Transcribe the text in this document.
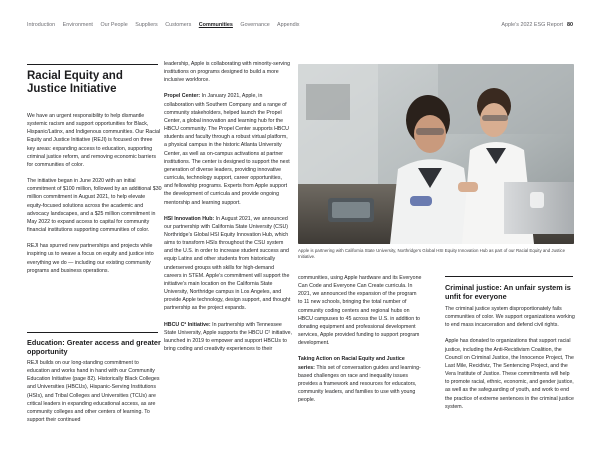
Introduction Environment Our People Suppliers Customers Communities Governance Appendix	Apple’s 2022 ESG Report 80
Racial Equity and Justice Initiative

We have an urgent responsibility to help dismantle systemic racism and support opportunities for Black, Hispanic/Latinx, and Indigenous communities. Our Racial Equity and Justice Initiative (REJI) is focused on three key areas: expanding access to education, supporting criminal justice reform, and removing economic barriers for communities of color.

The initiative began in June 2020 with an initial commitment of $100 million, followed by an additional $30 million commitment in August 2021, to help elevate equity-focused solutions across the academic and advocacy landscapes, and a $25 million commitment in May 2022 to expand access to capital for community financial institutions supporting communities of color.

REJI has spurred new partnerships and projects while inspiring us to weave a focus on equity and justice into everything we do — including our existing community programs and business operations.

Education: Greater access and greater opportunity

REJI builds on our long-standing commitment to education and works hand in hand with our Community Education Initiative (page 82). Historically Black Colleges and Universities (HBCUs), Hispanic-Serving Institutions (HSIs), and Tribal Colleges and Universities (TCUs) are critical leaders in expanding educational access, as are community colleges and other centers of learning. To support their continued

leadership, Apple is collaborating with minority-serving institutions on programs designed to build a more inclusive workforce.

Propel Center: In January 2021, Apple, in collaboration with Southern Company and a range of community stakeholders, helped launch the Propel Center, a global innovation and learning hub for the HBCU community. The Propel Center supports HBCU students and faculty through a robust virtual platform, a physical campus in the historic Atlanta University Center, as well as on-campus activations at partner institutions. The center is designed to support the next generation of diverse leaders, providing innovative curricula, technology support, career opportunities, and fellowship programs. Experts from Apple support the development of curricula and provide ongoing mentorship and learning support.

HSI Innovation Hub: In August 2021, we announced our partnership with California State University (CSU) Northridge’s Global HSI Equity Innovation Hub, which aims to transform HSIs throughout the CSU system and the U.S. in order to increase student success and equip Latinx and other students from historically underserved groups with skills for high-demand careers in STEM. Apple’s commitment will support the initiative’s main location on the California State University, Northridge campus in Los Angeles, and provide Apple technology, design support, and thought partnership as the project expands.

HBCU C² Initiative: In partnership with Tennessee State University, Apple supports the HBCU C² initiative, launched in 2019 to empower and support HBCUs to bring coding and creativity experiences to their

Apple is partnering with California State University, Northridge’s Global HSI Equity Innovation Hub as part of our Racial Equity and Justice Initiative.

communities, using Apple hardware and its Everyone Can Code and Everyone Can Create curricula. In 2021, we announced the expansion of the program to 11 new schools, bringing the total number of community coding centers and regional hubs on HBCU campuses to 45 across the U.S. in addition to donating equipment and professional development services, Apple provided funding to support program development.

Taking Action on Racial Equity and Justice series: This set of conversation guides and learning-based challenges on race and inequality issues provides a framework and resources for educators, community leaders, and families to use with young people.

Criminal justice: An unfair system is unfit for everyone

The criminal justice system disproportionately fails communities of color. We support organizations working to end mass incarceration and defend civil rights.

Apple has donated to organizations that support racial justice, including the Anti-Recidivism Coalition, the Council on Criminal Justice, the Innocence Project, The Last Mile, Recidiviz, The Sentencing Project, and the Vera Institute of Justice. These commitments will help to promote racial, ethnic, economic, and gender justice, as well as the safeguarding of youth, and work to end the practice of extreme sentences in the criminal justice system.
